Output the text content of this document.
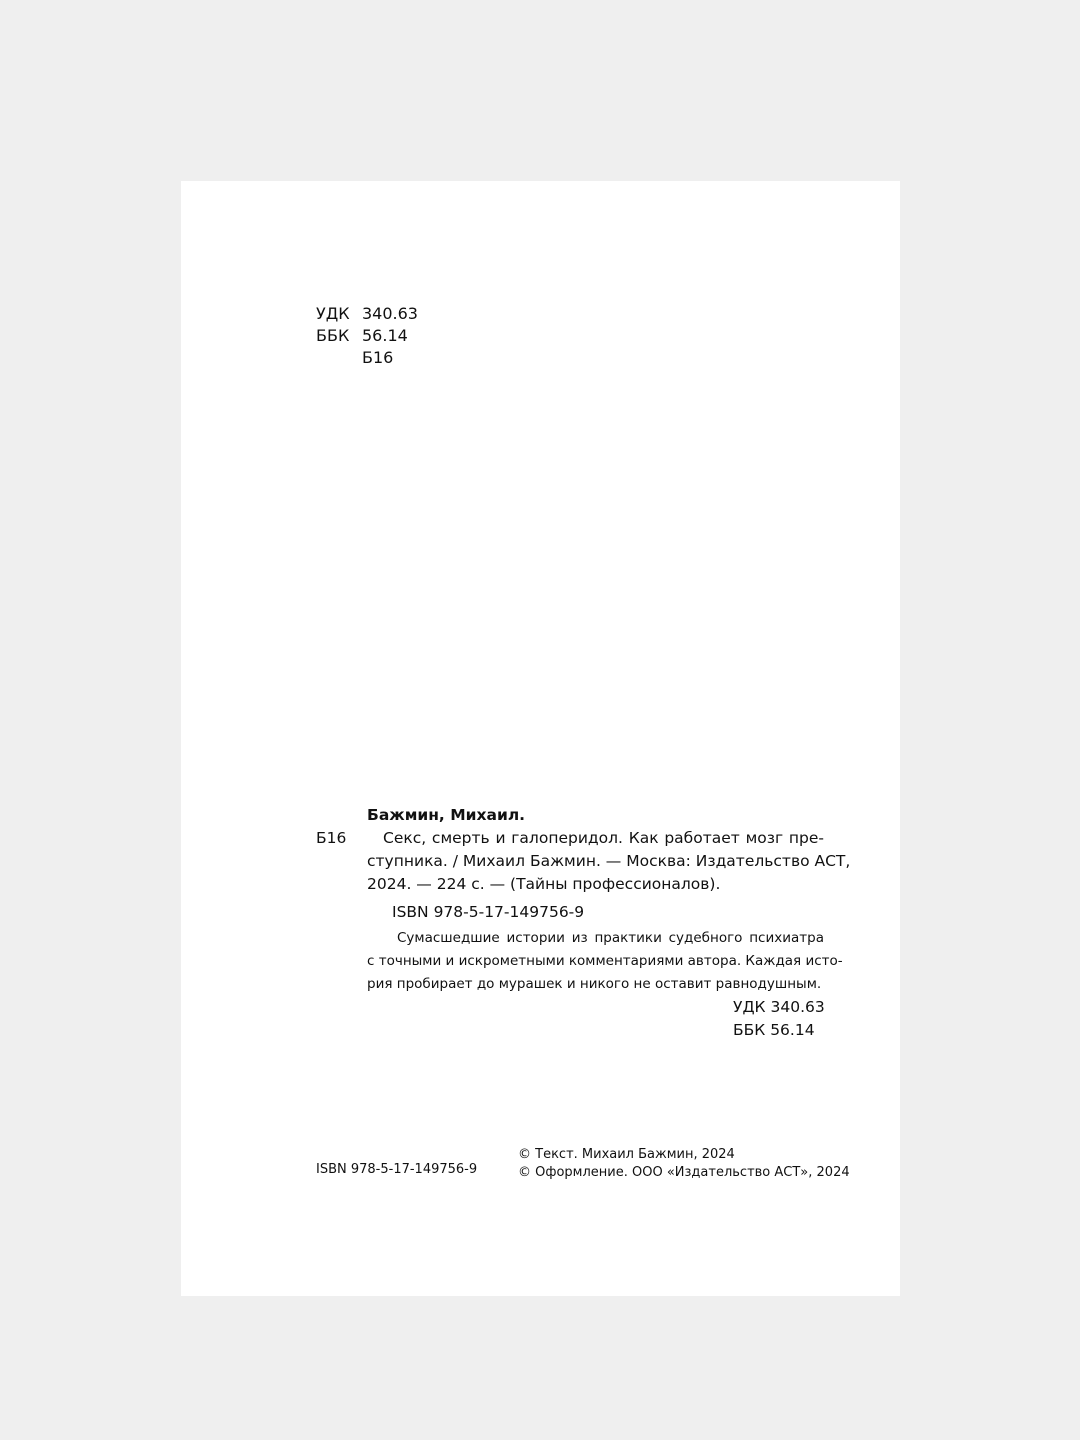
УДК 340.63
ББК 56.14
Б16
Бажмин, Михаил.
Б16	Секс, смерть и галоперидол. Как работает мозг пре-
ступника. / Михаил Бажмин. — Москва: Издательство АСТ,
2024. — 224 с. — (Тайны профессионалов).
ISBN 978-5-17-149756-9
Сумасшедшие истории из практики судебного психиатра
с точными и искрометными комментариями автора. Каждая исто-
рия пробирает до мурашек и никого не оставит равнодушным.
УДК 340.63
ББК 56.14
ISBN 978-5-17-149756-9
© Текст. Михаил Бажмин, 2024
© Оформление. ООО «Издательство АСТ», 2024
